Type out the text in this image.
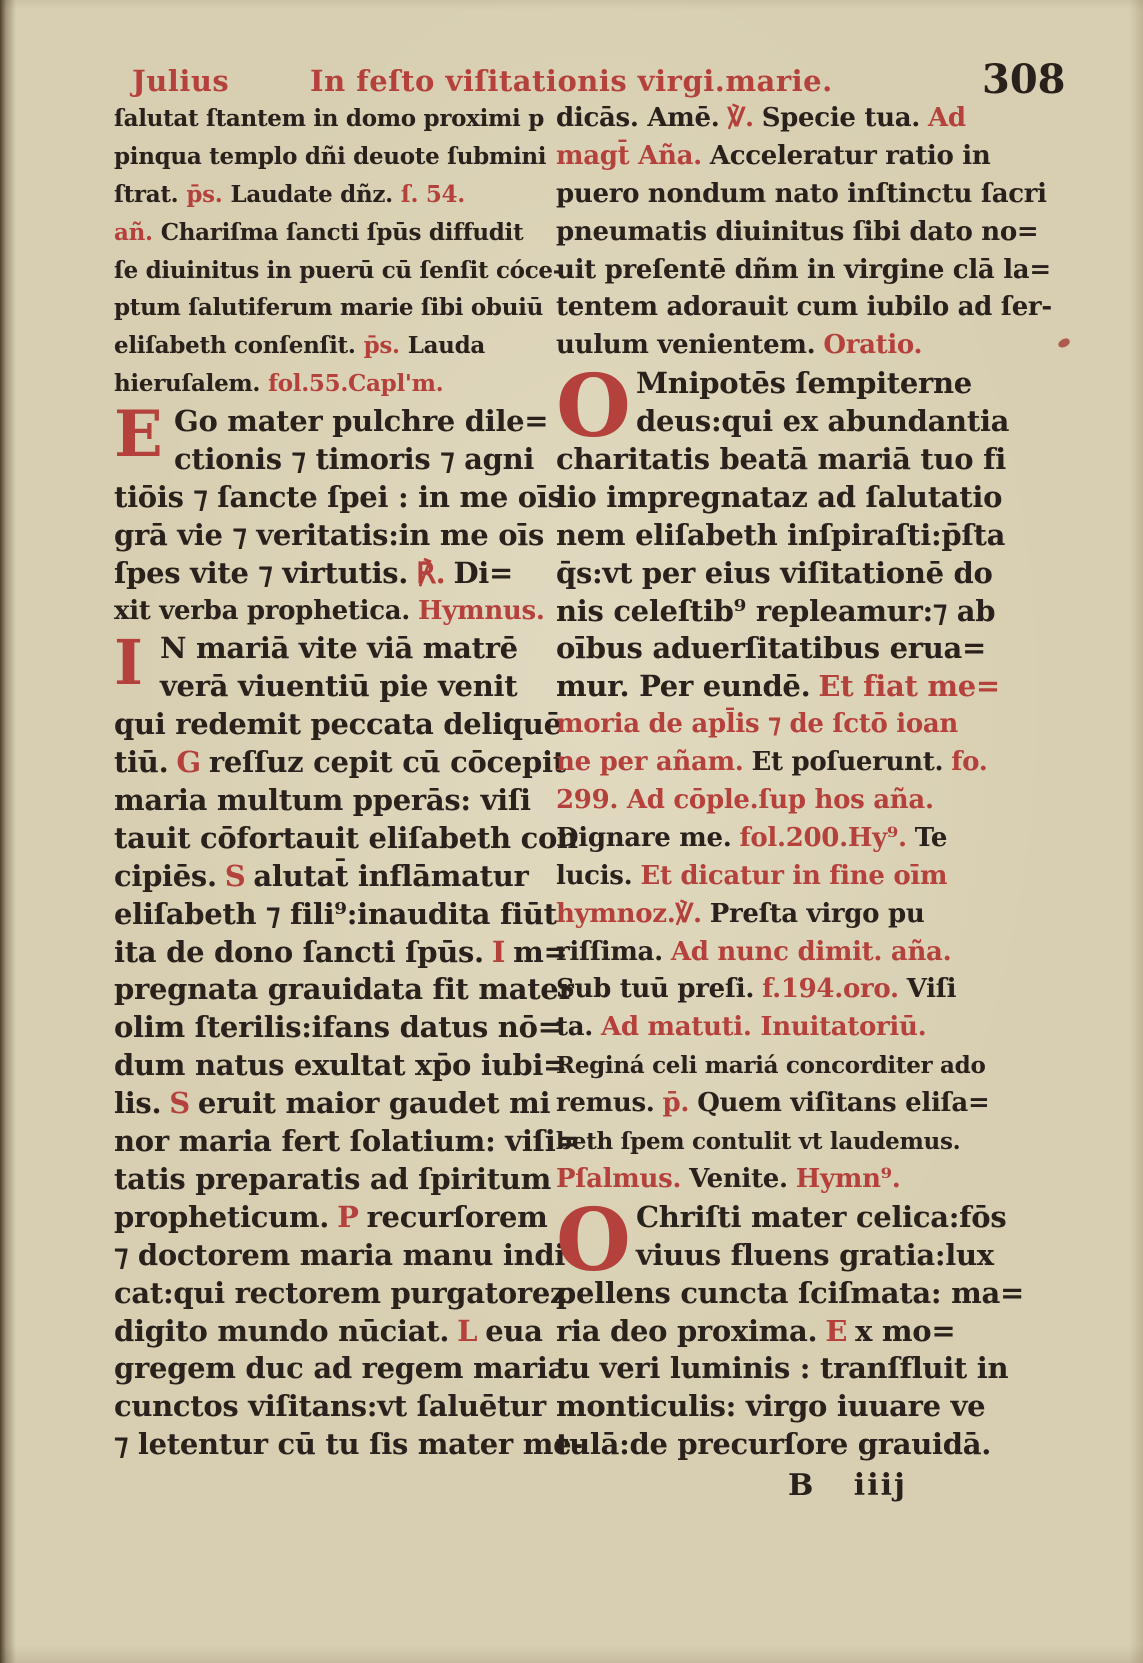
Julius	In feſto viſitationis virgi.marie.	308
ſalutat ſtantem in domo proximi p
pinqua templo dñi deuote ſubmini
ſtrat. p̄s. Laudate dñz. ſ. 54.
añ. Chariſma ſancti ſpūs diffudit
ſe diuinitus in puerū cū ſenſit cóce-
ptum ſalutiferum marie ſibi obuiū
eliſabeth conſenſit. p̄s. Lauda
hieruſalem. fol.55.Capl'm.
E Go mater pulchre dile=
ctionis ⁊ timoris ⁊ agni
tiōis ⁊ ſancte ſpei : in me oīs
grā vie ⁊ veritatis:in me oīs
ſpes vite ⁊ virtutis. ℟. Di=
xit verba prophetica. Hymnus.
I N mariā vite viā matrē
verā viuentiū pie venit
qui redemit peccata deliquē
tiū. G reſſuz cepit cū cōcepit
maria multum pperās: viſi
tauit cōfortauit eliſabeth con
cipiēs. S alutat̄ inflāmatur
eliſabeth ⁊ fili⁹:inaudita fiūt
ita de dono ſancti ſpūs. I m=
pregnata grauidata fit mater
olim ſterilis:ifans datus nō=
dum natus exultat xp̄o iubi=
lis. S eruit maior gaudet mi
nor maria fert ſolatium: viſi=
tatis preparatis ad ſpiritum
propheticum. P recurſorem
⁊ doctorem maria manu indi
cat:qui rectorem purgatorez
digito mundo nūciat. L eua
gregem duc ad regem maria
cunctos viſitans:vt ſaluētur
⁊ letentur cū tu ſis mater me-
dicās. Amē. ℣. Specie tua. Ad
magt̄ Aña. Acceleratur ratio in
puero nondum nato inſtinctu ſacri
pneumatis diuinitus ſibi dato no=
uit preſentē dñm in virgine clā la=
tentem adorauit cum iubilo ad ſer-
uulum venientem. Oratio.
O Mnipotēs ſempiterne
deus:qui ex abundantia
charitatis beatā mariā tuo fi
lio impregnataz ad ſalutatio
nem eliſabeth inſpiraſti:p̄ſta
q̄s:vt per eius viſitationē do
nis celeſtib⁹ repleamur:⁊ ab
oībus aduerſitatibus erua=
mur. Per eundē. Et fiat me=
moria de apl̄is ⁊ de ſctō ioan
ne per añam. Et poſuerunt. fo.
299. Ad cōple.ſup hos aña.
Dignare me. fol.200.Hy⁹. Te
lucis. Et dicatur in fine oīm
hymnoz.℣. Preſta virgo pu
riſſima. Ad nunc dimit. aña.
Sub tuū preſi. f.194.oro. Viſi
ta. Ad matuti. Inuitatoriū.
Reginá celi mariá concorditer ado
remus. p̄. Quem viſitans eliſa=
beth ſpem contulit vt laudemus.
Pſalmus. Venite. Hymn⁹.
O Chriſti mater celica:fōs
viuus fluens gratia:lux
pellens cuncta ſciſmata: ma=
ria deo proxima. E x mo=
tu veri luminis : tranſfluit in
monticulis: virgo iuuare ve
tulā:de precurſore grauidā.
B iiij
